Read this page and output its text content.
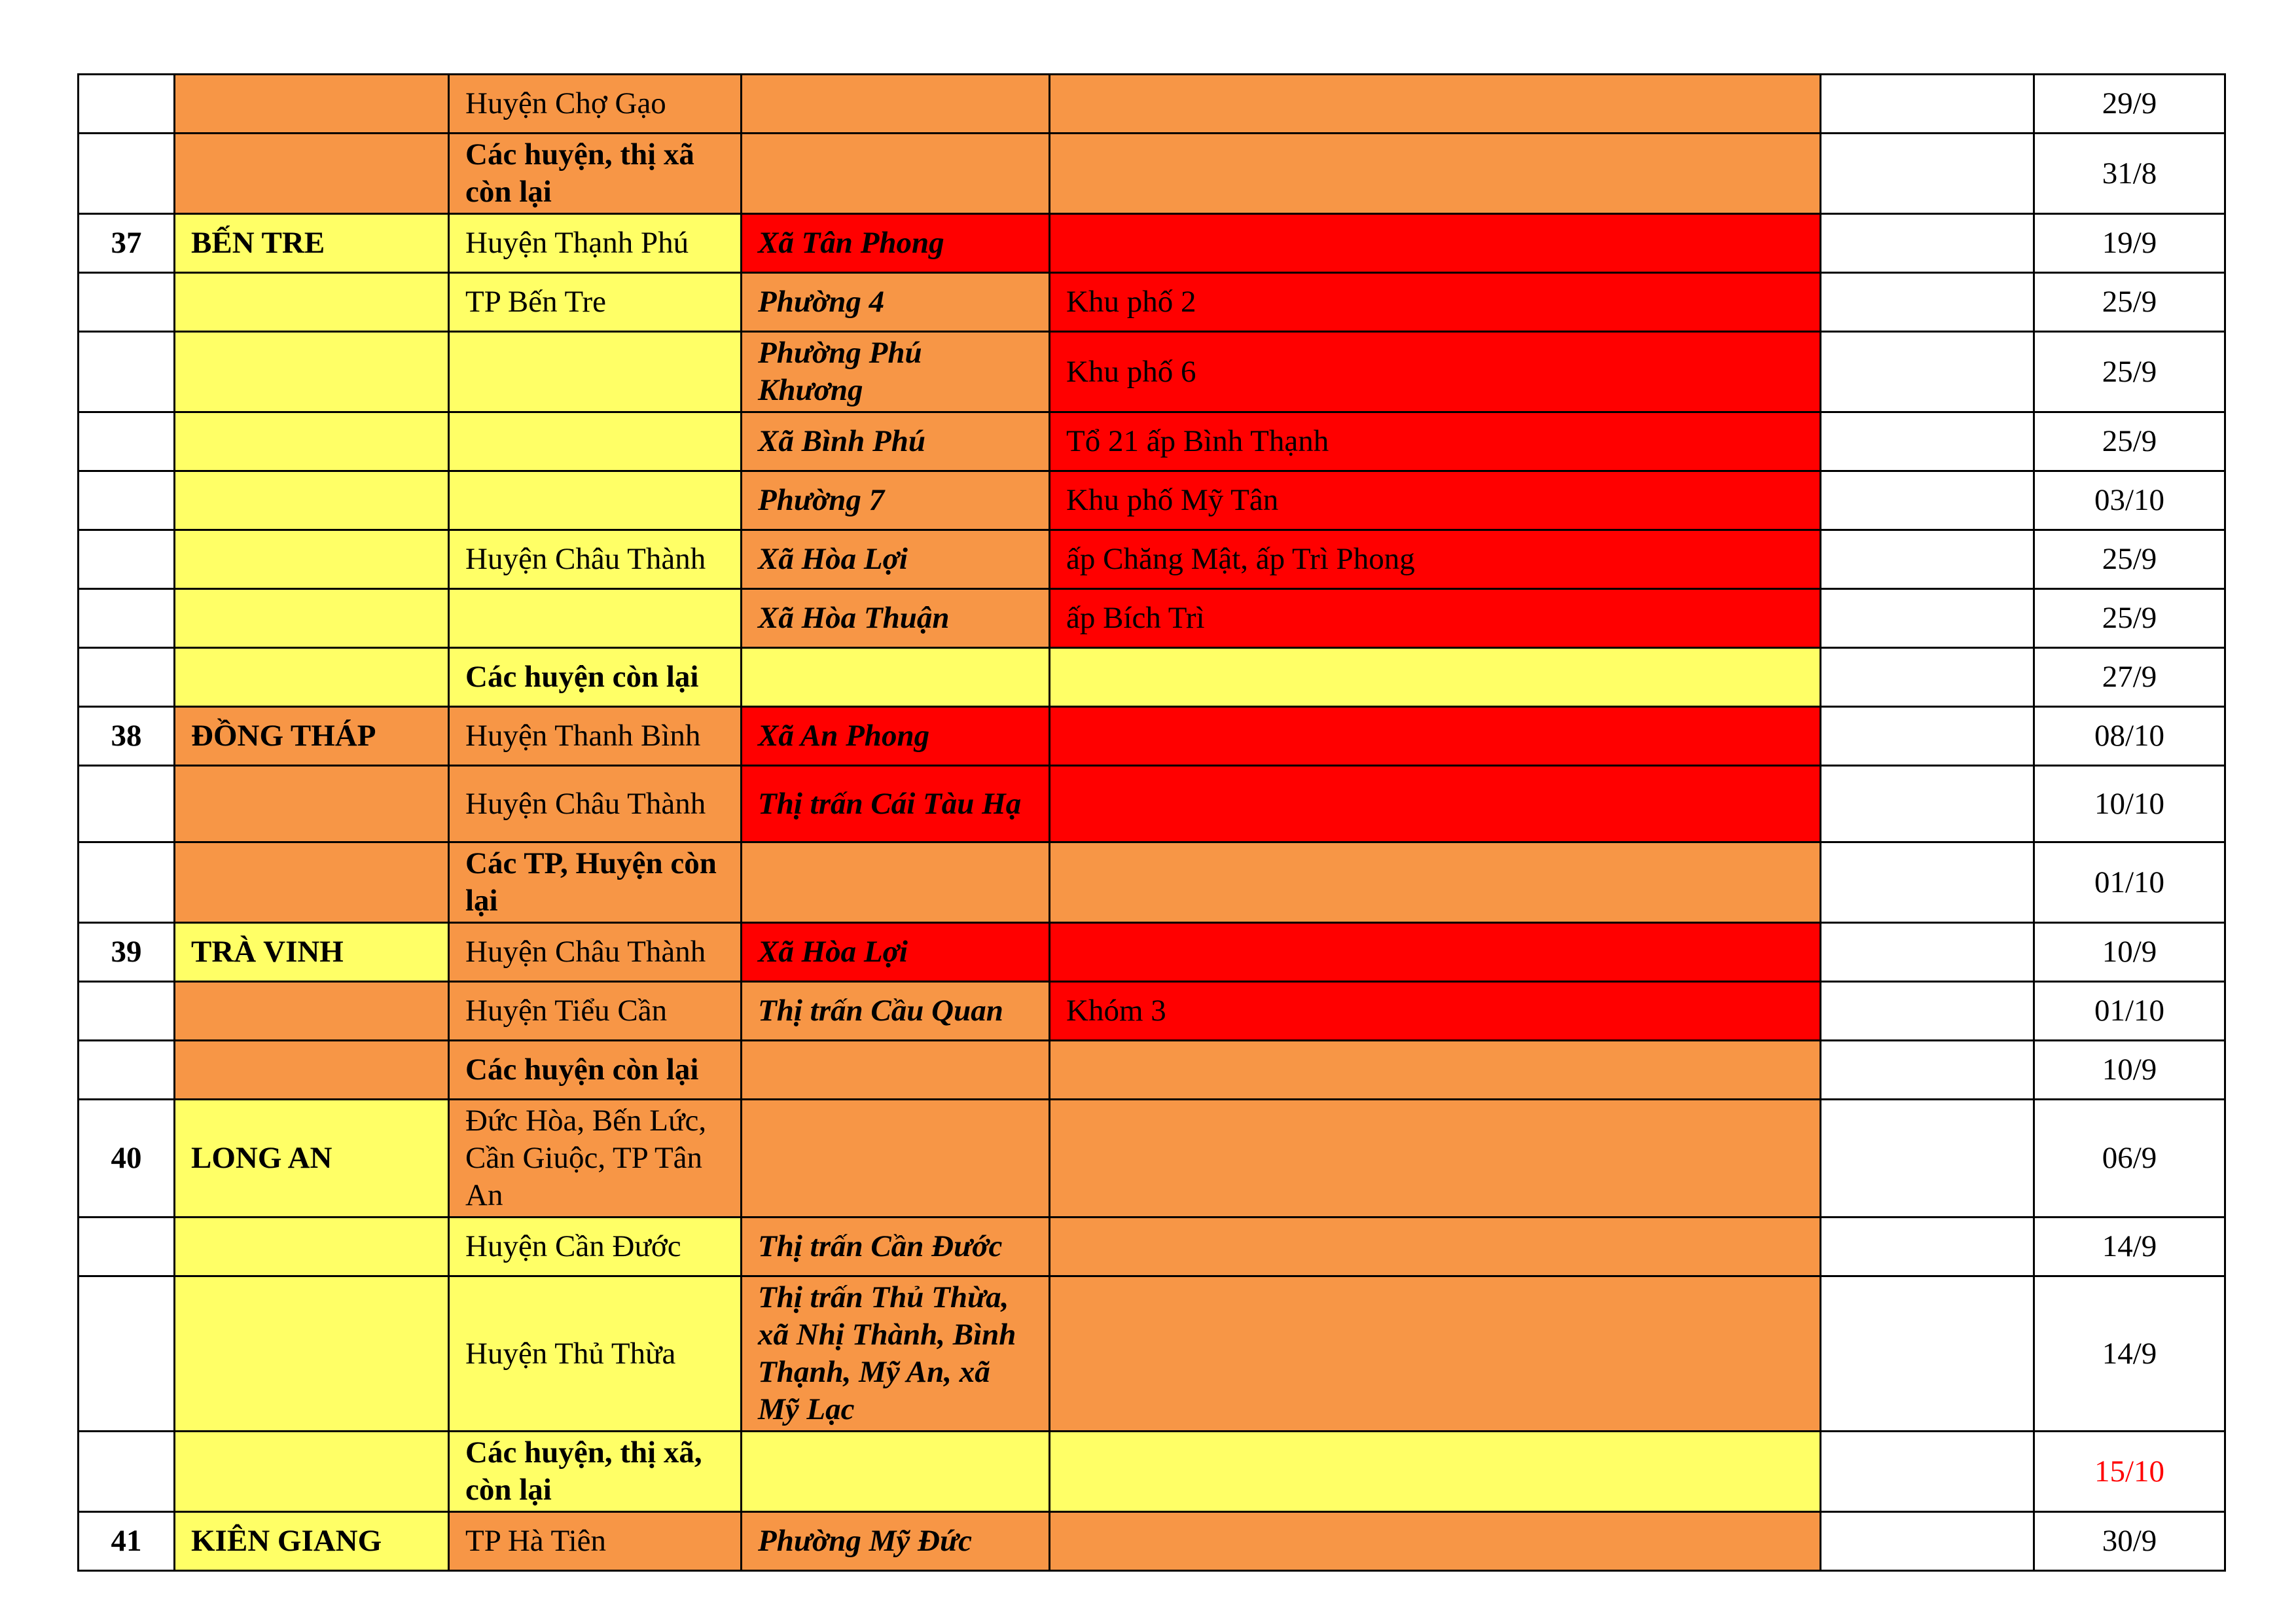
		Huyện Chợ Gạo				29/9
		Các huyện, thị xã còn lại				31/8
37	BẾN TRE	Huyện Thạnh Phú	Xã Tân Phong			19/9
		TP Bến Tre	Phường 4	Khu phố 2		25/9
			Phường Phú Khương	Khu phố 6		25/9
			Xã Bình Phú	Tổ 21 ấp Bình Thạnh		25/9
			Phường 7	Khu phố Mỹ Tân		03/10
		Huyện Châu Thành	Xã Hòa Lợi	ấp Chăng Mật, ấp Trì Phong		25/9
			Xã Hòa Thuận	ấp Bích Trì		25/9
		Các huyện còn lại				27/9
38	ĐỒNG THÁP	Huyện Thanh Bình	Xã An Phong			08/10
		Huyện Châu Thành	Thị trấn Cái Tàu Hạ			10/10
		Các TP, Huyện còn lại				01/10
39	TRÀ VINH	Huyện Châu Thành	Xã Hòa Lợi			10/9
		Huyện Tiểu Cần	Thị trấn Cầu Quan	Khóm 3		01/10
		Các huyện còn lại				10/9
40	LONG AN	Đức Hòa, Bến Lức, Cần Giuộc, TP Tân An				06/9
		Huyện Cần Đước	Thị trấn Cần Đước			14/9
		Huyện Thủ Thừa	Thị trấn Thủ Thừa, xã Nhị Thành, Bình Thạnh, Mỹ An, xã Mỹ Lạc			14/9
		Các huyện, thị xã, còn lại				15/10
41	KIÊN GIANG	TP Hà Tiên	Phường Mỹ Đức			30/9
